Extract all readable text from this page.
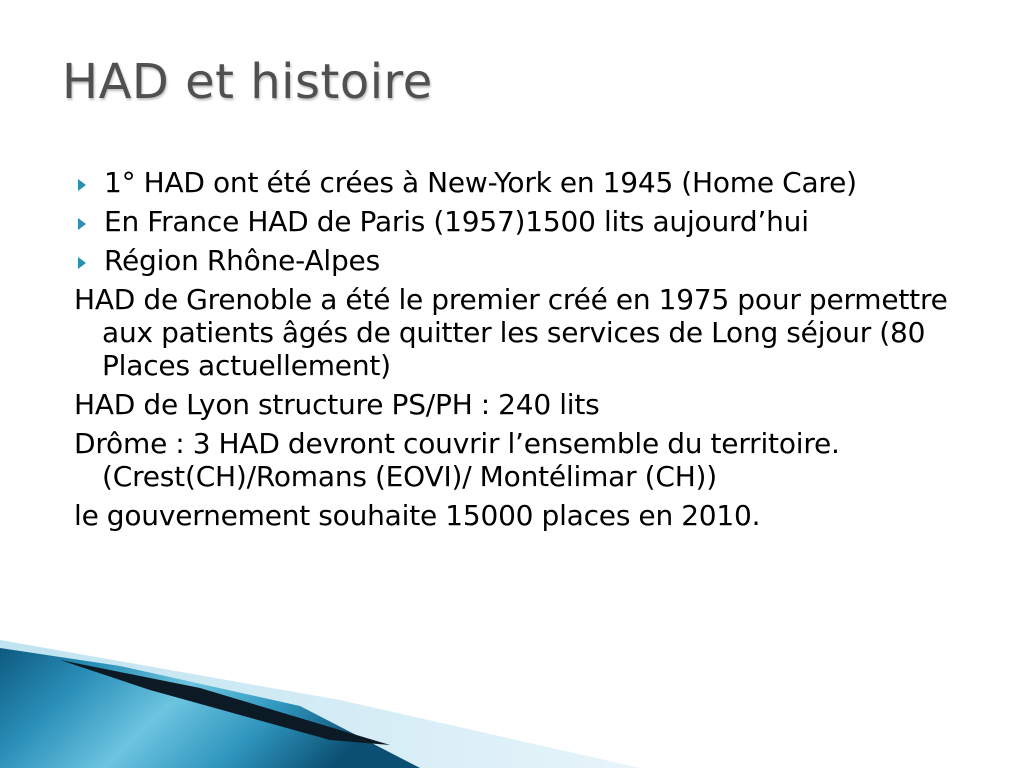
HAD et histoire

1° HAD ont été crées à New-York en 1945 (Home Care)

En France HAD de Paris (1957)1500 lits aujourd’hui

Région Rhône-Alpes

HAD de Grenoble a été le premier créé en 1975 pour permettre aux patients âgés de quitter les services de Long séjour (80 Places actuellement)

HAD de Lyon structure PS/PH : 240 lits

Drôme : 3 HAD devront couvrir l’ensemble du territoire.(Crest(CH)/Romans (EOVI)/ Montélimar (CH))

le gouvernement souhaite 15000 places en 2010.
